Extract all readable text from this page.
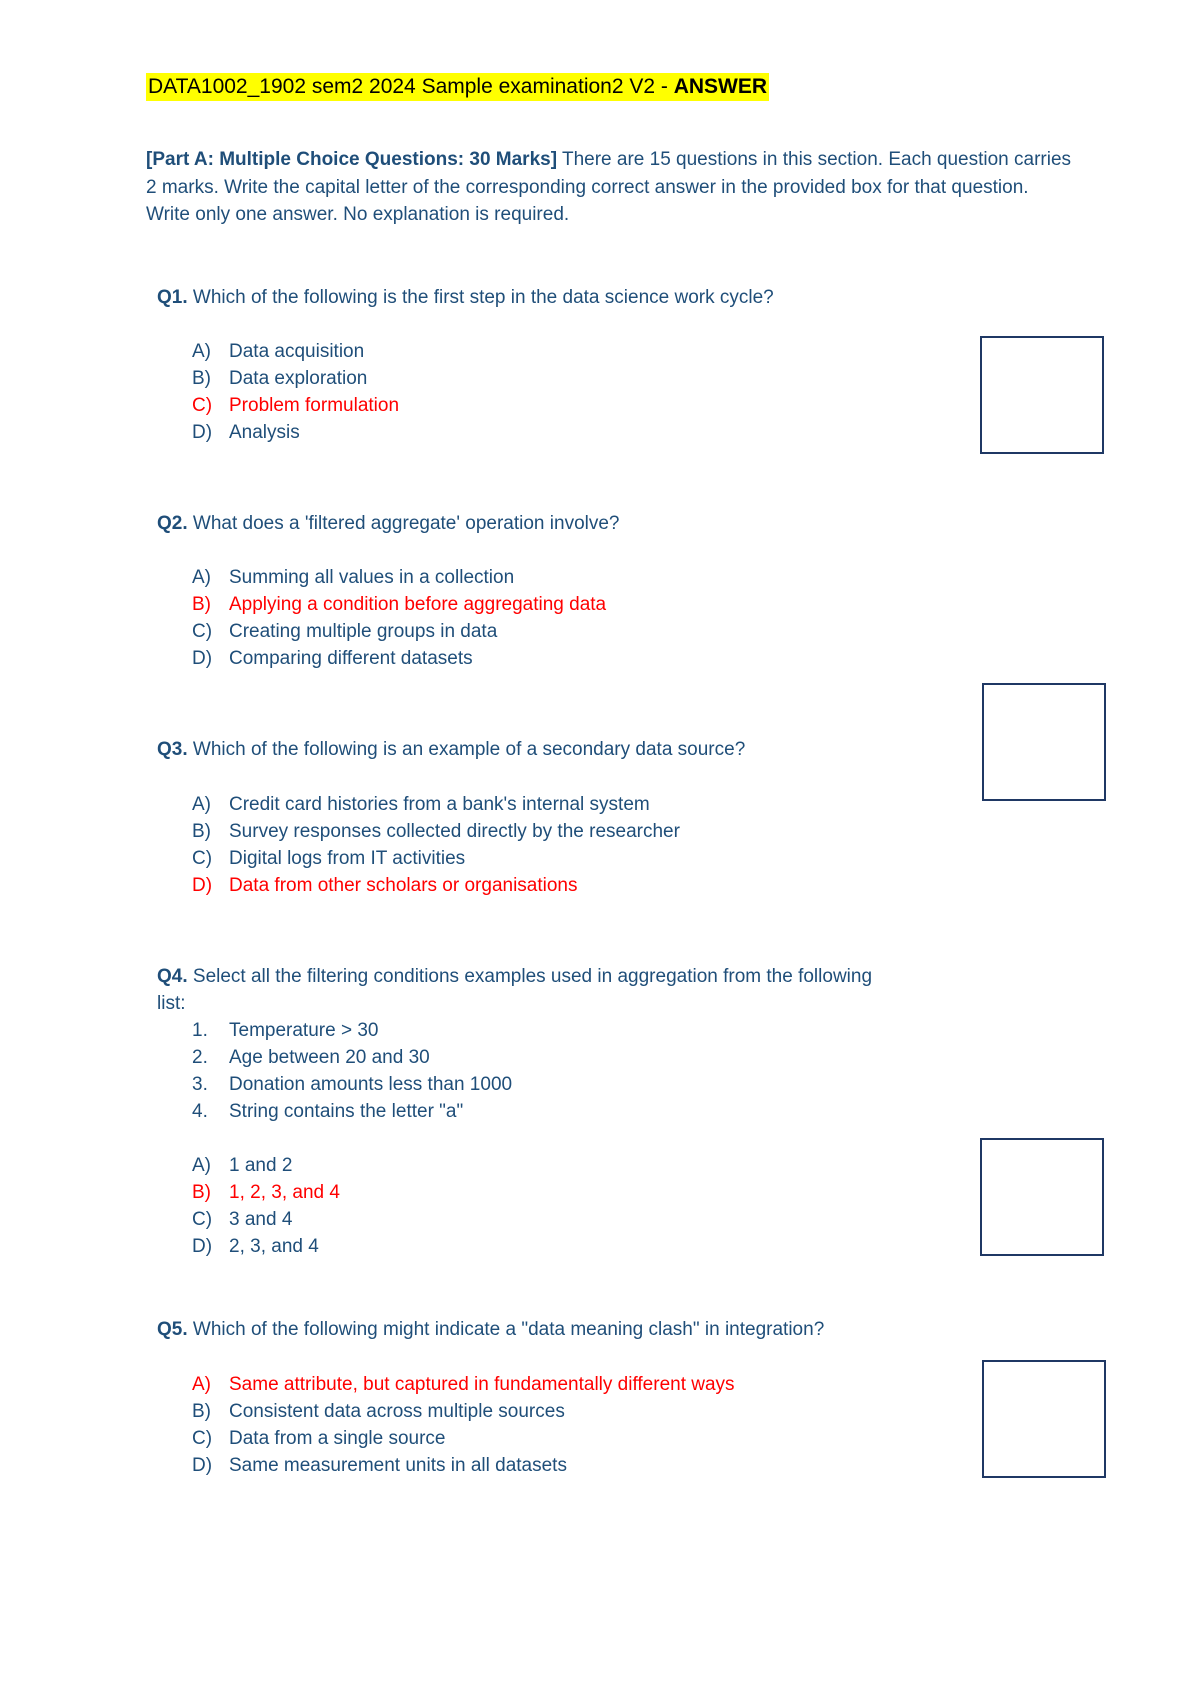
DATA1002_1902 sem2 2024 Sample examination2 V2 - ANSWER
[Part A: Multiple Choice Questions: 30 Marks] There are 15 questions in this section. Each question carries 2 marks. Write the capital letter of the corresponding correct answer in the provided box for that question. Write only one answer. No explanation is required.
Q1. Which of the following is the first step in the data science work cycle?
A) Data acquisition
B) Data exploration
C) Problem formulation
D) Analysis
Q2. What does a 'filtered aggregate' operation involve?
A) Summing all values in a collection
B) Applying a condition before aggregating data
C) Creating multiple groups in data
D) Comparing different datasets
Q3. Which of the following is an example of a secondary data source?
A) Credit card histories from a bank's internal system
B) Survey responses collected directly by the researcher
C) Digital logs from IT activities
D) Data from other scholars or organisations
Q4. Select all the filtering conditions examples used in aggregation from the following list:
1. Temperature > 30
2. Age between 20 and 30
3. Donation amounts less than 1000
4. String contains the letter "a"
A) 1 and 2
B) 1, 2, 3, and 4
C) 3 and 4
D) 2, 3, and 4
Q5. Which of the following might indicate a "data meaning clash" in integration?
A) Same attribute, but captured in fundamentally different ways
B) Consistent data across multiple sources
C) Data from a single source
D) Same measurement units in all datasets
